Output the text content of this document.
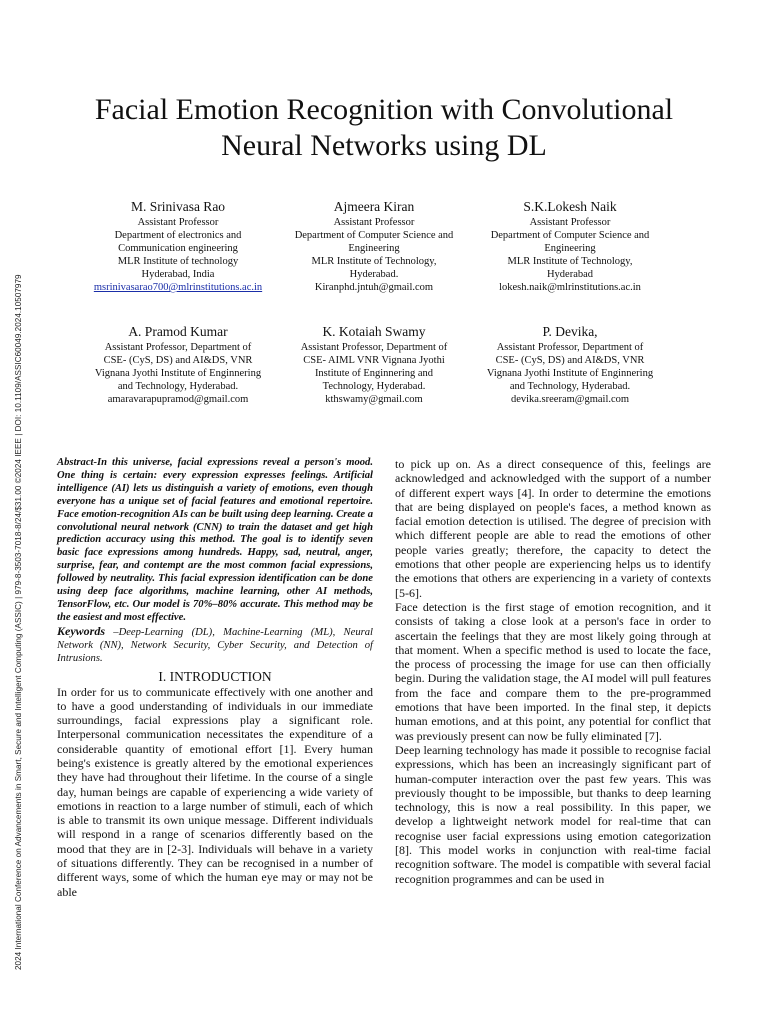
2024 International Conference on Advancements in Smart, Secure and Intelligent Computing (ASSIC) | 979-8-3503-7018-8/24/$31.00 ©2024 IEEE | DOI: 10.1109/ASSIC60049.2024.10507979
Facial Emotion Recognition with Convolutional Neural Networks using DL
M. Srinivasa Rao
Assistant Professor
Department of electronics and
Communication engineering
MLR Institute of technology
Hyderabad, India
msrinivasarao700@mlrinstitutions.ac.in
Ajmeera Kiran
Assistant Professor
Department of Computer Science and
Engineering
MLR Institute of Technology,
Hyderabad.
Kiranphd.jntuh@gmail.com
S.K.Lokesh Naik
Assistant Professor
Department of Computer Science and
Engineering
MLR Institute of Technology,
Hyderabad
lokesh.naik@mlrinstitutions.ac.in
A. Pramod Kumar
Assistant Professor, Department of
CSE- (CyS, DS) and AI&DS, VNR
Vignana Jyothi Institute of Enginnering
and Technology, Hyderabad.
amaravarapupramod@gmail.com
K. Kotaiah Swamy
Assistant Professor, Department of
CSE- AIML VNR Vignana Jyothi
Institute of Enginnering and
Technology, Hyderabad.
kthswamy@gmail.com
P. Devika,
Assistant Professor, Department of
CSE- (CyS, DS) and AI&DS, VNR
Vignana Jyothi Institute of Enginnering
and Technology, Hyderabad.
devika.sreeram@gmail.com

Abstract-In this universe, facial expressions reveal a person's mood. One thing is certain: every expression expresses feelings. Artificial intelligence (AI) lets us distinguish a variety of emotions, even though everyone has a unique set of facial features and emotional repertoire. Face emotion-recognition AIs can be built using deep learning. Create a convolutional neural network (CNN) to train the dataset and get high prediction accuracy using this method. The goal is to identify seven basic face expressions among hundreds. Happy, sad, neutral, anger, surprise, fear, and contempt are the most common facial expressions, followed by neutrality. This facial expression identification can be done using deep face algorithms, machine learning, other AI methods, TensorFlow, etc. Our model is 70%–80% accurate. This method may be the easiest and most effective.

Keywords –Deep-Learning (DL), Machine-Learning (ML), Neural Network (NN), Network Security, Cyber Security, and Detection of Intrusions.

I. INTRODUCTION

In order for us to communicate effectively with one another and to have a good understanding of individuals in our immediate surroundings, facial expressions play a significant role. Interpersonal communication necessitates the expenditure of a considerable quantity of emotional effort [1]. Every human being's existence is greatly altered by the emotional experiences they have had throughout their lifetime. In the course of a single day, human beings are capable of experiencing a wide variety of emotions in reaction to a large number of stimuli, each of which is able to transmit its own unique message. Different individuals will respond in a range of scenarios differently based on the mood that they are in [2-3]. Individuals will behave in a variety of situations differently. They can be recognised in a number of different ways, some of which the human eye may or may not be able

to pick up on. As a direct consequence of this, feelings are acknowledged and acknowledged with the support of a number of different expert ways [4]. In order to determine the emotions that are being displayed on people's faces, a method known as facial emotion detection is utilised. The degree of precision with which different people are able to read the emotions of other people varies greatly; therefore, the capacity to detect the emotions that other people are experiencing helps us to identify the emotions that others are experiencing in a variety of contexts [5-6].

Face detection is the first stage of emotion recognition, and it consists of taking a close look at a person's face in order to ascertain the feelings that they are most likely going through at that moment. When a specific method is used to locate the face, the process of processing the image for use can then officially begin. During the validation stage, the AI model will pull features from the face and compare them to the pre-programmed emotions that have been imported. In the final step, it depicts human emotions, and at this point, any potential for conflict that was previously present can now be fully eliminated [7].

Deep learning technology has made it possible to recognise facial expressions, which has been an increasingly significant part of human-computer interaction over the past few years. This was previously thought to be impossible, but thanks to deep learning technology, this is now a real possibility. In this paper, we develop a lightweight network model for real-time that can recognise user facial expressions using emotion categorization [8]. This model works in conjunction with real-time facial recognition software. The model is compatible with several facial recognition programmes and can be used in
